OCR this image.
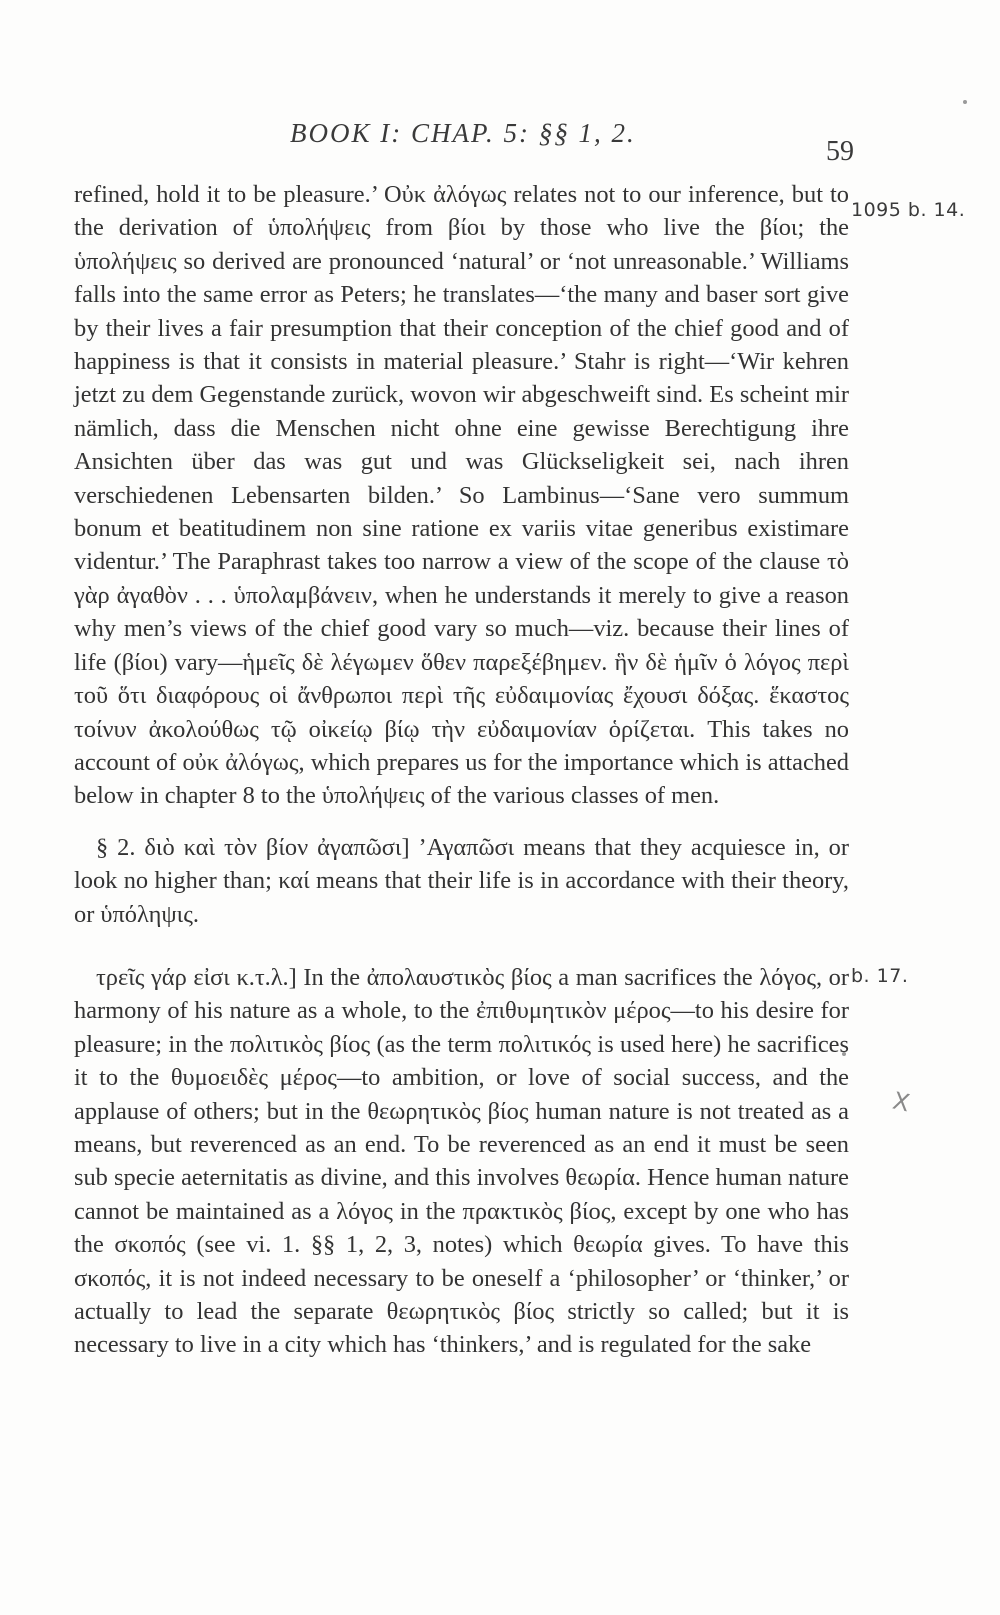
BOOK I: CHAP. 5: §§ 1, 2.
59
1095 b. 14.
b. 17.
X

refined, hold it to be pleasure.’ Οὐκ ἀλόγως relates not to our inference, but to the derivation of ὑπολήψεις from βίοι by those who live the βίοι; the ὑπολήψεις so derived are pronounced ‘natural’ or ‘not unreasonable.’ Williams falls into the same error as Peters; he translates—‘the many and baser sort give by their lives a fair presumption that their conception of the chief good and of happiness is that it consists in material pleasure.’ Stahr is right—‘Wir kehren jetzt zu dem Gegenstande zurück, wovon wir abgeschweift sind. Es scheint mir nämlich, dass die Menschen nicht ohne eine gewisse Berechtigung ihre Ansichten über das was gut und was Glückseligkeit sei, nach ihren verschiedenen Lebensarten bilden.’ So Lambinus—‘Sane vero summum bonum et beatitudinem non sine ratione ex variis vitae generibus existimare videntur.’ The Paraphrast takes too narrow a view of the scope of the clause τὸ γὰρ ἀγαθὸν . . . ὑπολαμβάνειν, when he understands it merely to give a reason why men’s views of the chief good vary so much—viz. because their lines of life (βίοι) vary—ἡμεῖς δὲ λέγωμεν ὅθεν παρεξέβημεν. ἣν δὲ ἡμῖν ὁ λόγος περὶ τοῦ ὅτι διαφόρους οἱ ἄνθρωποι περὶ τῆς εὐδαιμονίας ἔχουσι δόξας. ἕκαστος τοίνυν ἀκολούθως τῷ οἰκείῳ βίῳ τὴν εὐδαιμονίαν ὁρίζεται. This takes no account of οὐκ ἀλόγως, which prepares us for the importance which is attached below in chapter 8 to the ὑπολήψεις of the various classes of men.

§ 2. διὸ καὶ τὸν βίον ἀγαπῶσι] ’Αγαπῶσι means that they acquiesce in, or look no higher than; καί means that their life is in accordance with their theory, or ὑπόληψις.

τρεῖς γάρ εἰσι κ.τ.λ.] In the ἀπολαυστικὸς βίος a man sacrifices the λόγος, or harmony of his nature as a whole, to the ἐπιθυμητικὸν μέρος—to his desire for pleasure; in the πολιτικὸς βίος (as the term πολιτικός is used here) he sacrifices it to the θυμοειδὲς μέρος—to ambition, or love of social success, and the applause of others; but in the θεωρητικὸς βίος human nature is not treated as a means, but reverenced as an end. To be reverenced as an end it must be seen sub specie aeternitatis as divine, and this involves θεωρία. Hence human nature cannot be maintained as a λόγος in the πρακτικὸς βίος, except by one who has the σκοπός (see vi. 1. §§ 1, 2, 3, notes) which θεωρία gives. To have this σκοπός, it is not indeed necessary to be oneself a ‘philosopher’ or ‘thinker,’ or actually to lead the separate θεωρητικὸς βίος strictly so called; but it is necessary to live in a city which has ‘thinkers,’ and is regulated for the sake
